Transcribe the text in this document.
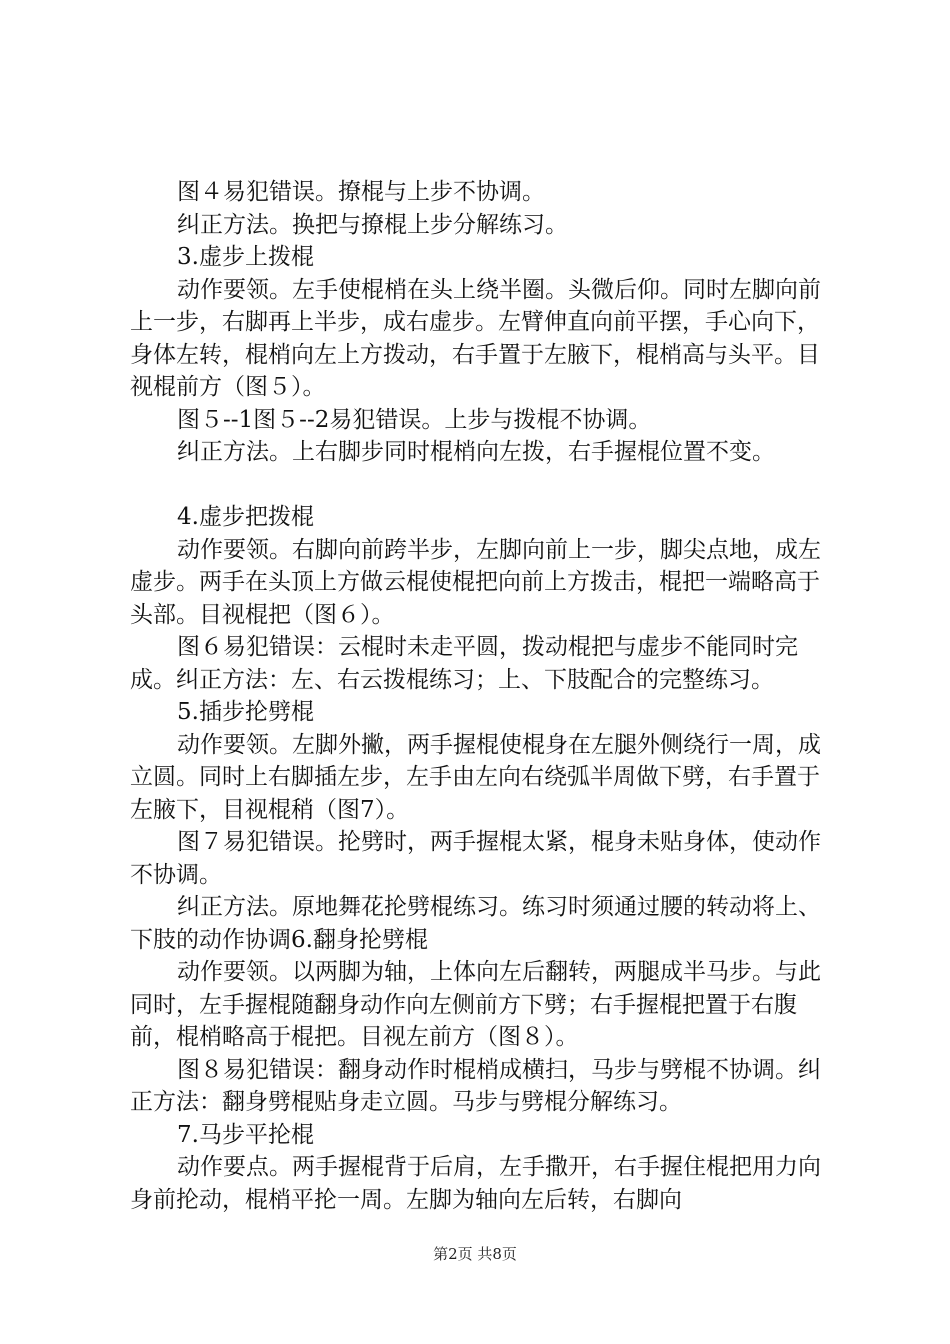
图４易犯错误。撩棍与上步不协调。

纠正方法。换把与撩棍上步分解练习。

3.虚步上拨棍

动作要领。左手使棍梢在头上绕半圈。头微后仰。同时左脚向前上一步，右脚再上半步，成右虚步。左臂伸直向前平摆，手心向下，身体左转，棍梢向左上方拨动，右手置于左腋下，棍梢高与头平。目视棍前方（图５）。

图５--1图５--2易犯错误。上步与拨棍不协调。

纠正方法。上右脚步同时棍梢向左拨，右手握棍位置不变。

4.虚步把拨棍

动作要领。右脚向前跨半步，左脚向前上一步，脚尖点地，成左虚步。两手在头顶上方做云棍使棍把向前上方拨击，棍把一端略高于头部。目视棍把（图６）。

图６易犯错误：云棍时未走平圆，拨动棍把与虚步不能同时完成。纠正方法：左、右云拨棍练习；上、下肢配合的完整练习。

5.插步抡劈棍

动作要领。左脚外撇，两手握棍使棍身在左腿外侧绕行一周，成立圆。同时上右脚插左步，左手由左向右绕弧半周做下劈，右手置于左腋下，目视棍稍（图7）。

图７易犯错误。抡劈时，两手握棍太紧，棍身未贴身体，使动作不协调。

纠正方法。原地舞花抡劈棍练习。练习时须通过腰的转动将上、下肢的动作协调6.翻身抡劈棍

动作要领。以两脚为轴，上体向左后翻转，两腿成半马步。与此同时，左手握棍随翻身动作向左侧前方下劈；右手握棍把置于右腹前，棍梢略高于棍把。目视左前方（图８）。

图８易犯错误：翻身动作时棍梢成横扫，马步与劈棍不协调。纠正方法：翻身劈棍贴身走立圆。马步与劈棍分解练习。

7.马步平抡棍

动作要点。两手握棍背于后肩，左手撒开，右手握住棍把用力向身前抡动，棍梢平抡一周。左脚为轴向左后转，右脚向

第2页 共8页
